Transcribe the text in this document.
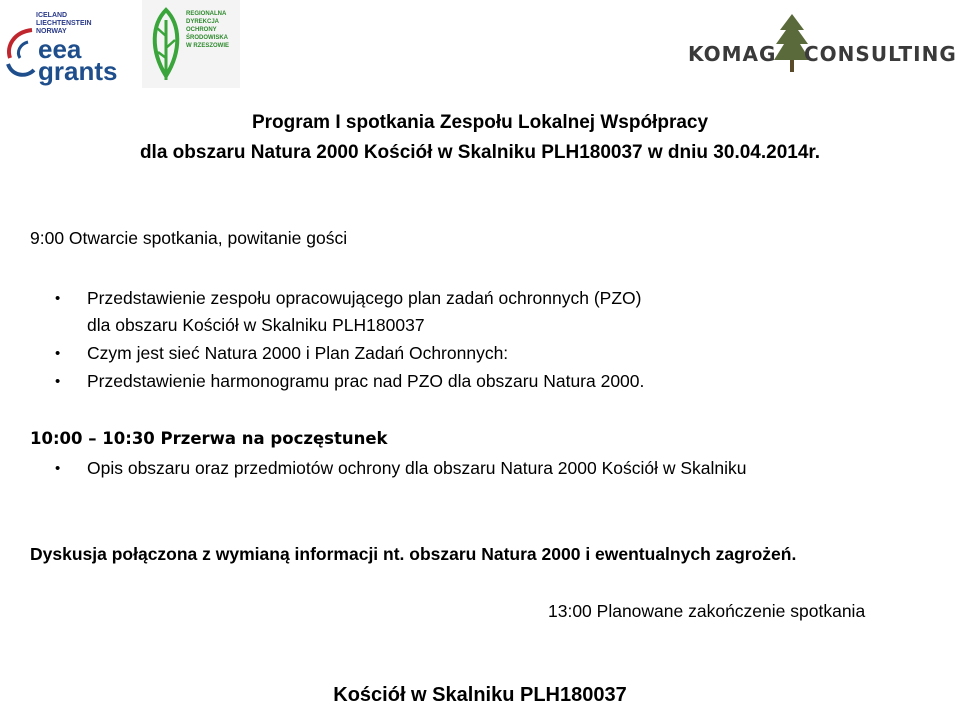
ICELAND
LIECHTENSTEIN
NORWAY
eea
grants
REGIONALNA
DYREKCJA
OCHRONY
ŚRODOWISKA
W RZESZOWIE	KOMAG CONSULTING
Program I spotkania Zespołu Lokalnej Współpracy
dla obszaru Natura 2000 Kościół w Skalniku PLH180037 w dniu 30.04.2014r.
9:00 Otwarcie spotkania, powitanie gości
• Przedstawienie zespołu opracowującego plan zadań ochronnych (PZO)
dla obszaru Kościół w Skalniku PLH180037
• Czym jest sieć Natura 2000 i Plan Zadań Ochronnych:
• Przedstawienie harmonogramu prac nad PZO dla obszaru Natura 2000.
10:00 – 10:30 Przerwa na poczęstunek
• Opis obszaru oraz przedmiotów ochrony dla obszaru Natura 2000 Kościół w Skalniku
Dyskusja połączona z wymianą informacji nt. obszaru Natura 2000 i ewentualnych zagrożeń.
13:00 Planowane zakończenie spotkania
Kościół w Skalniku PLH180037
